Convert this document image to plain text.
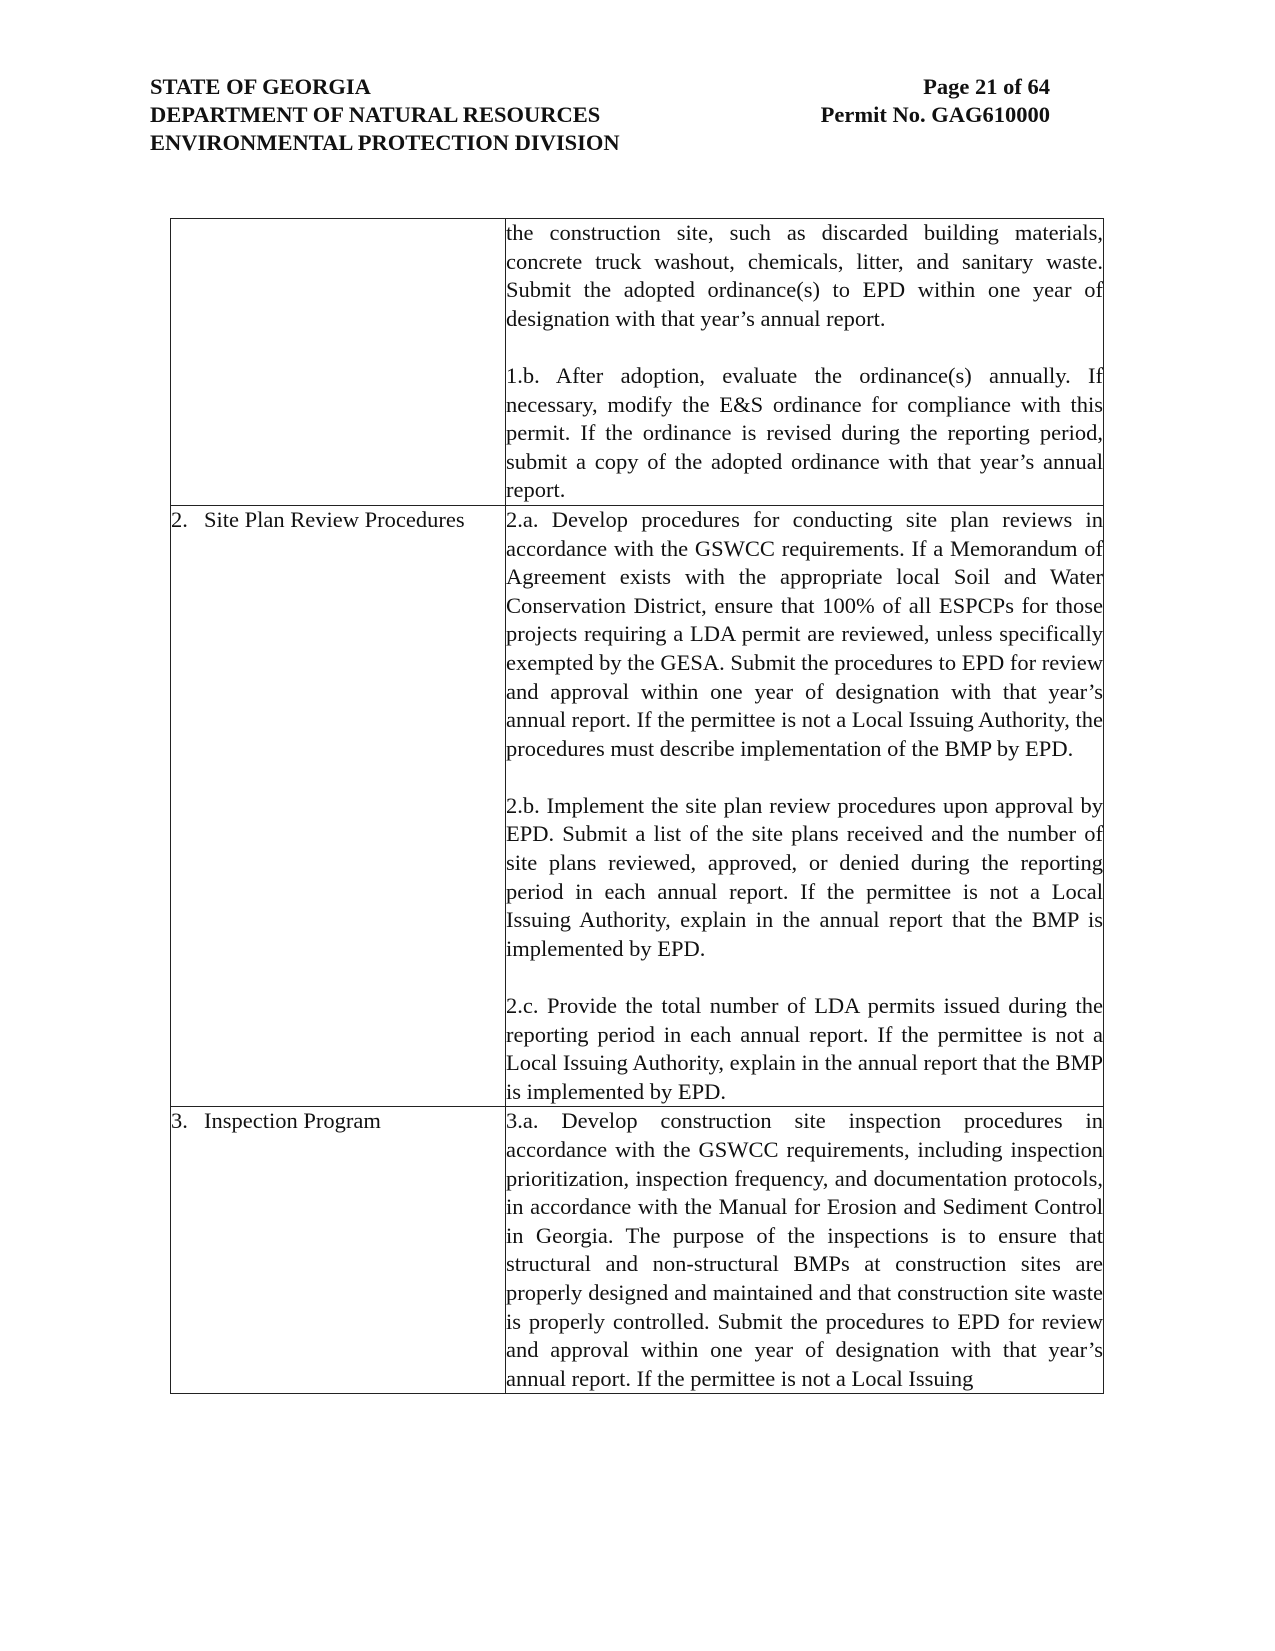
STATE OF GEORGIA	Page 21 of 64
DEPARTMENT OF NATURAL RESOURCES	Permit No. GAG610000
ENVIRONMENTAL PROTECTION DIVISION

	the construction site, such as discarded building materials, concrete truck washout, chemicals, litter, and sanitary waste. Submit the adopted ordinance(s) to EPD within one year of designation with that year’s annual report.

1.b. After adoption, evaluate the ordinance(s) annually. If necessary, modify the E&S ordinance for compliance with this permit. If the ordinance is revised during the reporting period, submit a copy of the adopted ordinance with that year’s annual report.

2. Site Plan Review Procedures	2.a. Develop procedures for conducting site plan reviews in accordance with the GSWCC requirements. If a Memorandum of Agreement exists with the appropriate local Soil and Water Conservation District, ensure that 100% of all ESPCPs for those projects requiring a LDA permit are reviewed, unless specifically exempted by the GESA. Submit the procedures to EPD for review and approval within one year of designation with that year’s annual report. If the permittee is not a Local Issuing Authority, the procedures must describe implementation of the BMP by EPD.

2.b. Implement the site plan review procedures upon approval by EPD. Submit a list of the site plans received and the number of site plans reviewed, approved, or denied during the reporting period in each annual report. If the permittee is not a Local Issuing Authority, explain in the annual report that the BMP is implemented by EPD.

2.c. Provide the total number of LDA permits issued during the reporting period in each annual report. If the permittee is not a Local Issuing Authority, explain in the annual report that the BMP is implemented by EPD.

3. Inspection Program	3.a. Develop construction site inspection procedures in accordance with the GSWCC requirements, including inspection prioritization, inspection frequency, and documentation protocols, in accordance with the Manual for Erosion and Sediment Control in Georgia. The purpose of the inspections is to ensure that structural and non-structural BMPs at construction sites are properly designed and maintained and that construction site waste is properly controlled. Submit the procedures to EPD for review and approval within one year of designation with that year’s annual report. If the permittee is not a Local Issuing
